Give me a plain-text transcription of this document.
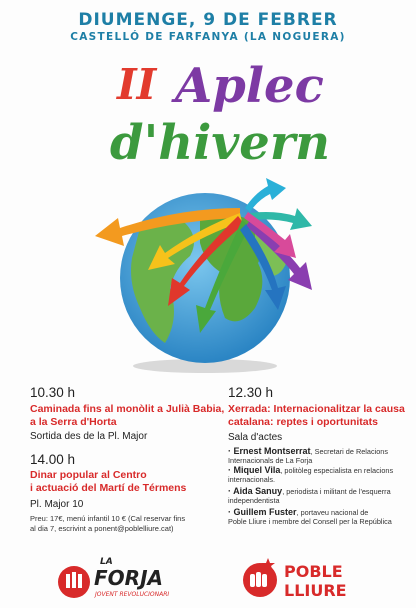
DIUMENGE, 9 DE FEBRER
CASTELLÓ DE FARFANYA (LA NOGUERA)
II Aplec
d'hivern
10.30 h
Caminada fins al monòlit a Julià Babia,
a la Serra d'Horta
Sortida des de la Pl. Major
14.00 h
Dinar popular al Centro
i actuació del Martí de Térmens
Pl. Major 10
Preu: 17€, menú infantil 10 € (Cal reservar fins
al dia 7, escrivint a ponent@poblelliure.cat)
12.30 h
Xerrada: Internacionalitzar la causa
catalana: reptes i oportunitats
Sala d'actes
· Ernest Montserrat, Secretari de Relacions
Internacionals de La Forja
· Miquel Vila, politòleg especialista en relacions
internacionals.
· Aida Sanuy, periodista i militant de l'esquerra
independentista
· Guillem Fuster, portaveu nacional de
Poble Lliure i membre del Consell per la República
LA
FORJA
JOVENT REVOLUCIONARI
POBLE
LLIURE
